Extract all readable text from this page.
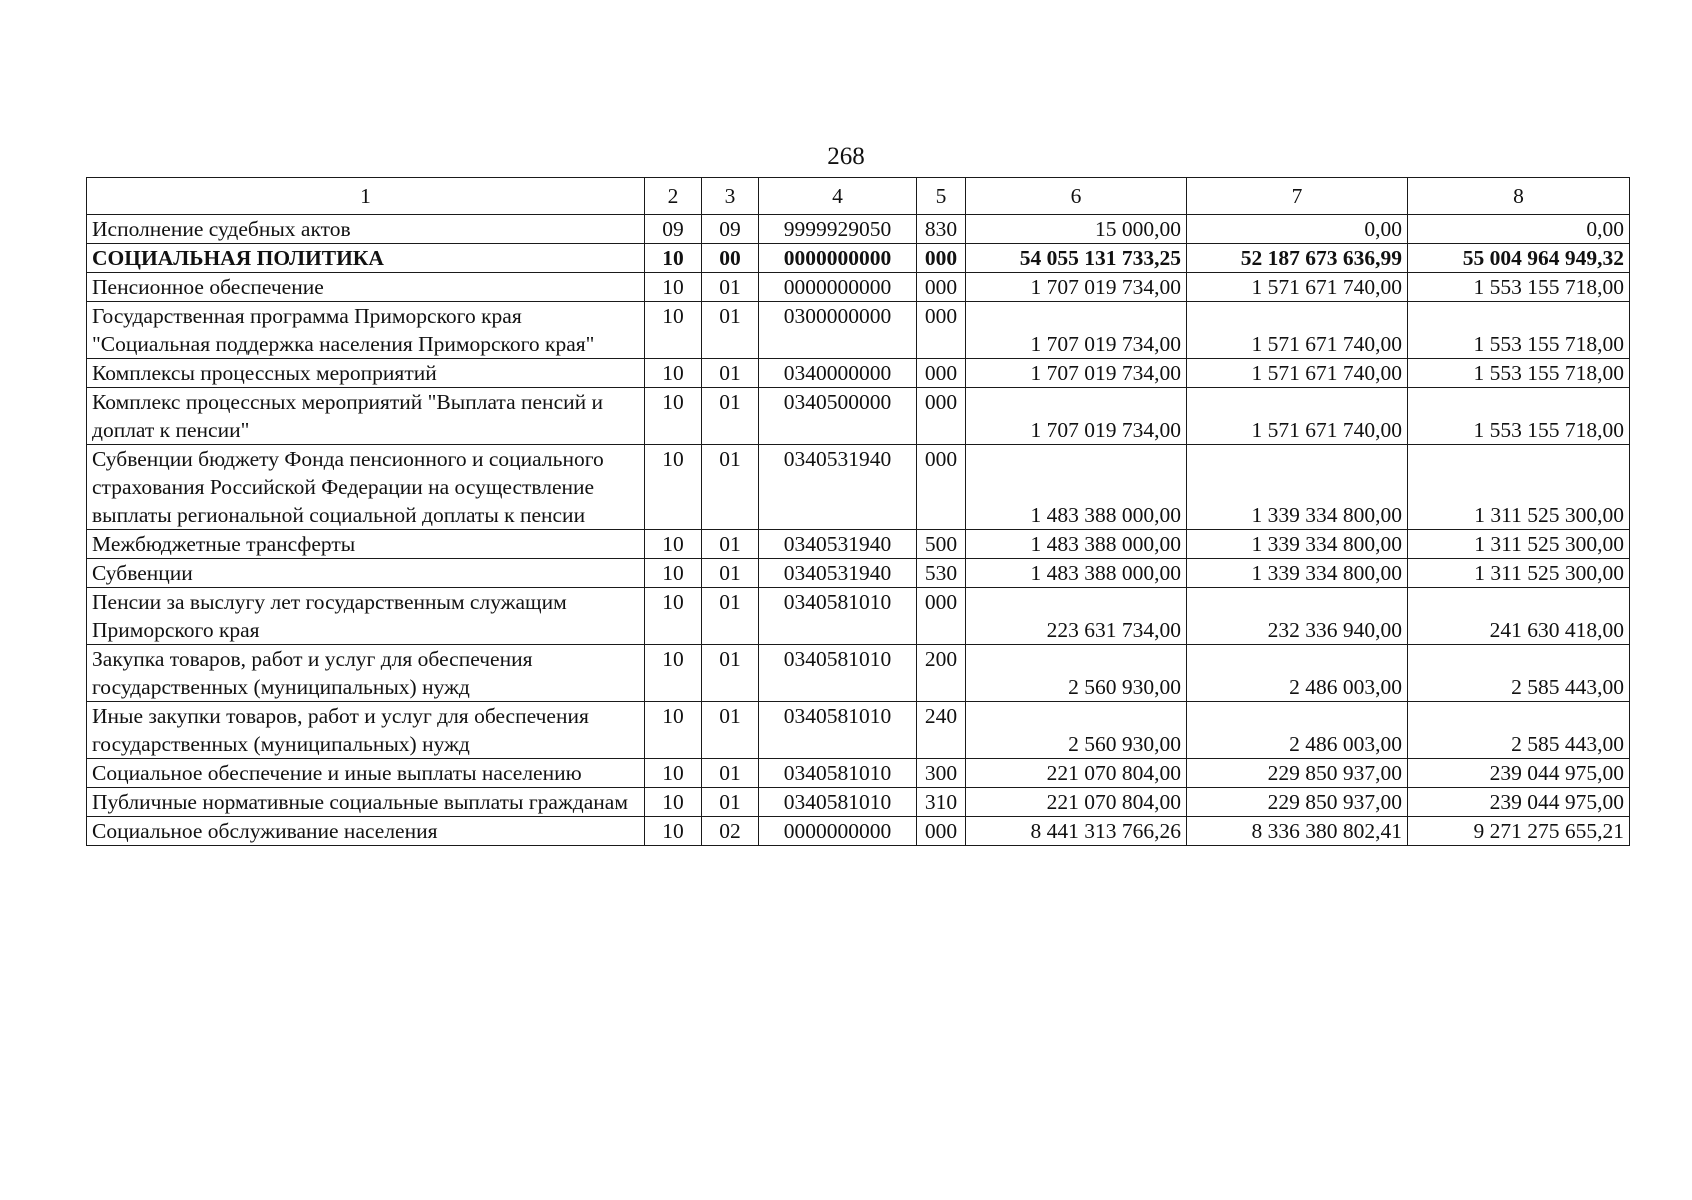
268
1	2	3	4	5	6	7	8
Исполнение судебных актов	09	09	9999929050	830	15 000,00	0,00	0,00
СОЦИАЛЬНАЯ ПОЛИТИКА	10	00	0000000000	000	54 055 131 733,25	52 187 673 636,99	55 004 964 949,32
Пенсионное обеспечение	10	01	0000000000	000	1 707 019 734,00	1 571 671 740,00	1 553 155 718,00
Государственная программа Приморского края "Социальная поддержка населения Приморского края"	10	01	0300000000	000	1 707 019 734,00	1 571 671 740,00	1 553 155 718,00
Комплексы процессных мероприятий	10	01	0340000000	000	1 707 019 734,00	1 571 671 740,00	1 553 155 718,00
Комплекс процессных мероприятий "Выплата пенсий и доплат к пенсии"	10	01	0340500000	000	1 707 019 734,00	1 571 671 740,00	1 553 155 718,00
Субвенции бюджету Фонда пенсионного и социального страхования Российской Федерации на осуществление выплаты региональной социальной доплаты к пенсии	10	01	0340531940	000	1 483 388 000,00	1 339 334 800,00	1 311 525 300,00
Межбюджетные трансферты	10	01	0340531940	500	1 483 388 000,00	1 339 334 800,00	1 311 525 300,00
Субвенции	10	01	0340531940	530	1 483 388 000,00	1 339 334 800,00	1 311 525 300,00
Пенсии за выслугу лет государственным служащим Приморского края	10	01	0340581010	000	223 631 734,00	232 336 940,00	241 630 418,00
Закупка товаров, работ и услуг для обеспечения государственных (муниципальных) нужд	10	01	0340581010	200	2 560 930,00	2 486 003,00	2 585 443,00
Иные закупки товаров, работ и услуг для обеспечения государственных (муниципальных) нужд	10	01	0340581010	240	2 560 930,00	2 486 003,00	2 585 443,00
Социальное обеспечение и иные выплаты населению	10	01	0340581010	300	221 070 804,00	229 850 937,00	239 044 975,00
Публичные нормативные социальные выплаты гражданам	10	01	0340581010	310	221 070 804,00	229 850 937,00	239 044 975,00
Социальное обслуживание населения	10	02	0000000000	000	8 441 313 766,26	8 336 380 802,41	9 271 275 655,21
